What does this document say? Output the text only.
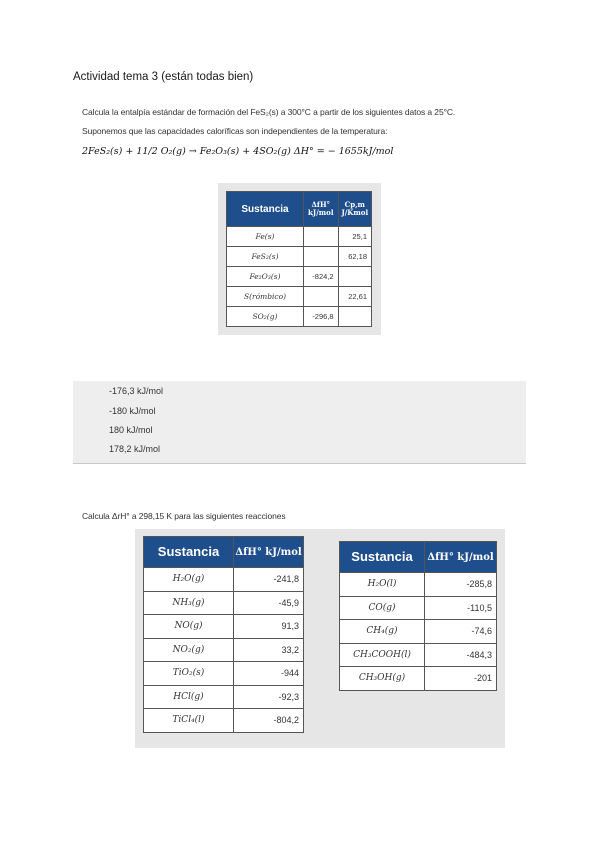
Actividad tema 3 (están todas bien)
Calcula la entalpía estándar de formación del FeS₂(s) a 300°C a partir de los siguientes datos a 25°C.
Suponemos que las capacidades caloríficas son independientes de la temperatura:
2FeS₂(s) + 11/2 O₂(g) → Fe₂O₃(s) + 4SO₂(g) ΔH° = − 1655kJ/mol
Sustancia	ΔfH° kJ/mol	Cp,m J/Kmol
Fe(s)		25,1
FeS₂(s)		62,18
Fe₂O₃(s)	-824,2	
S(rómbico)		22,61
SO₂(g)	-296,8	
-176,3 kJ/mol
-180 kJ/mol
180 kJ/mol
178,2 kJ/mol
Calcula ΔrH° a 298,15 K para las siguientes reacciones
Sustancia	ΔfH° kJ/mol
H₂O(g)	-241,8
NH₃(g)	-45,9
NO(g)	91,3
NO₂(g)	33,2
TiO₂(s)	-944
HCl(g)	-92,3
TiCl₄(l)	-804,2
Sustancia	ΔfH° kJ/mol
H₂O(l)	-285,8
CO(g)	-110,5
CH₄(g)	-74,6
CH₃COOH(l)	-484,3
CH₃OH(g)	-201
